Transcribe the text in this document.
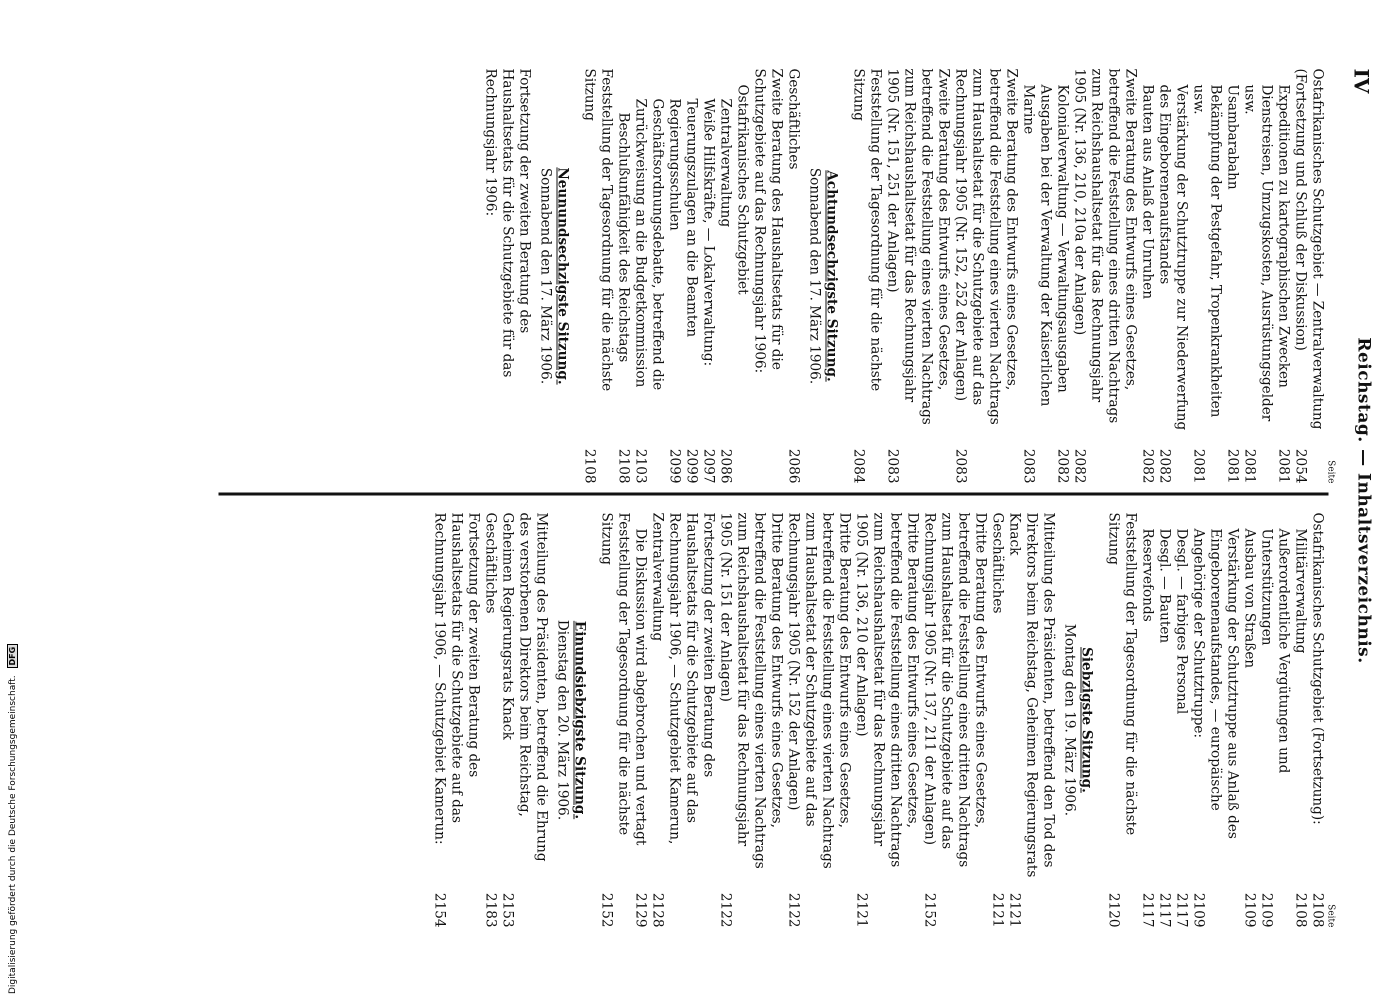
IV
Reichstag. — Inhaltsverzeichnis.
Seite
Ostafrikanisches Schutzgebiet — Zentralverwaltung (Fortsetzung und Schluß der Diskussion)
2054
Expeditionen zu kartographischen Zwecken
2081
Dienstreisen, Umzugskosten, Ausrüstungsgelder usw.
2081
Usambarabahn
2081
Bekämpfung der Pestgefahr, Tropenkrankheiten usw.
2081
Verstärkung der Schutztruppe zur Niederwerfung des Eingeborenenaufstandes
2082
Bauten aus Anlaß der Unruhen
2082
Zweite Beratung des Entwurfs eines Gesetzes, betreffend die Feststellung eines dritten Nachtrags zum Reichshaushaltsetat für das Rechnungsjahr 1905 (Nr. 136, 210, 210a der Anlagen)
2082
Kolonialverwaltung — Verwaltungsausgaben
2082
Ausgaben bei der Verwaltung der Kaiserlichen Marine
2083
Zweite Beratung des Entwurfs eines Gesetzes, betreffend die Feststellung eines vierten Nachtrags zum Haushaltsetat für die Schutzgebiete auf das Rechnungsjahr 1905 (Nr. 152, 252 der Anlagen)
2083
Zweite Beratung des Entwurfs eines Gesetzes, betreffend die Feststellung eines vierten Nachtrags zum Reichshaushaltsetat für das Rechnungsjahr 1905 (Nr. 151, 251 der Anlagen)
2083
Feststellung der Tagesordnung für die nächste Sitzung
2084
Achtundsechzigste Sitzung.
Sonnabend den 17. März 1906.
Geschäftliches
2086
Zweite Beratung des Haushaltsetats für die Schutzgebiete auf das Rechnungsjahr 1906:
Ostafrikanisches Schutzgebiet
Zentralverwaltung
2086
Weiße Hilfskräfte, — Lokalverwaltung:
2097
Teuerungszulagen an die Beamten
2099
Regierungsschulen
2099
Geschäftsordnungsdebatte, betreffend die Zurückweisung an die Budgetkommission
2103
Beschlußunfähigkeit des Reichstags
2108
Feststellung der Tagesordnung für die nächste Sitzung
2108
Neunundsechzigste Sitzung.
Sonnabend den 17. März 1906.
Fortsetzung der zweiten Beratung des Haushaltsetats für die Schutzgebiete für das Rechnungsjahr 1906:
Seite
Ostafrikanisches Schutzgebiet (Fortsetzung):
2108
Militärverwaltung
2108
Außerordentliche Vergütungen und Unterstützungen
2109
Ausbau von Straßen
2109
Verstärkung der Schutztruppe aus Anlaß des Eingeborenenaufstandes, — europäische Angehörige der Schutztruppe:
2109
Desgl. — farbiges Personal
2117
Desgl. — Bauten
2117
Reservefonds
2117
Feststellung der Tagesordnung für die nächste Sitzung
2120
Siebzigste Sitzung.
Montag den 19. März 1906.
Mitteilung des Präsidenten, betreffend den Tod des Direktors beim Reichstag, Geheimen Regierungsrats Knack
2121
Geschäftliches
2121
Dritte Beratung des Entwurfs eines Gesetzes, betreffend die Feststellung eines dritten Nachtrags zum Haushaltsetat für die Schutzgebiete auf das Rechnungsjahr 1905 (Nr. 137, 211 der Anlagen)
2152
Dritte Beratung des Entwurfs eines Gesetzes, betreffend die Feststellung eines dritten Nachtrags zum Reichshaushaltsetat für das Rechnungsjahr 1905 (Nr. 136, 210 der Anlagen)
2121
Dritte Beratung des Entwurfs eines Gesetzes, betreffend die Feststellung eines vierten Nachtrags zum Haushaltsetat der Schutzgebiete auf das Rechnungsjahr 1905 (Nr. 152 der Anlagen)
2122
Dritte Beratung des Entwurfs eines Gesetzes, betreffend die Feststellung eines vierten Nachtrags zum Reichshaushaltsetat für das Rechnungsjahr 1905 (Nr. 151 der Anlagen)
2122
Fortsetzung der zweiten Beratung des Haushaltsetats für die Schutzgebiete auf das Rechnungsjahr 1906, — Schutzgebiet Kamerun, Zentralverwaltung
2128
Die Diskussion wird abgebrochen und vertagt
2129
Feststellung der Tagesordnung für die nächste Sitzung
2152
Einundsiebzigste Sitzung.
Dienstag den 20. März 1906.
Mitteilung des Präsidenten, betreffend die Ehrung des verstorbenen Direktors beim Reichstag, Geheimen Regierungsrats Knack
2153
Geschäftliches
2183
Fortsetzung der zweiten Beratung des Haushaltsetats für die Schutzgebiete auf das Rechnungsjahr 1906, — Schutzgebiet Kamerun:
2154
Digitalisierung gefördert durch die Deutsche Forschungsgemeinschaft. DFG
